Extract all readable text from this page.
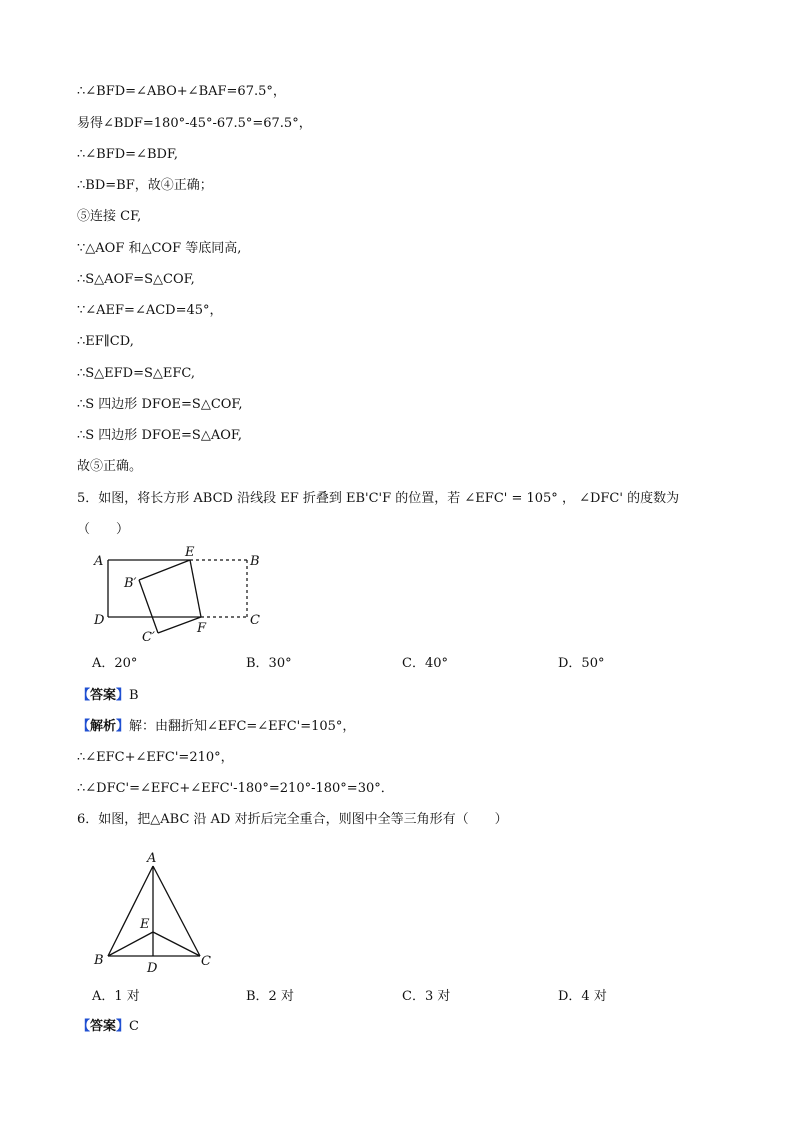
∴∠BFD=∠ABO+∠BAF=67.5°，

易得∠BDF=180°-45°-67.5°=67.5°，

∴∠BFD=∠BDF,

∴BD=BF，故④正确；

⑤连接 CF,

∵△AOF 和△COF 等底同高,

∴S△AOF=S△COF,

∵∠AEF=∠ACD=45°，

∴EF∥CD,

∴S△EFD=S△EFC,

∴S 四边形 DFOE=S△COF,

∴S 四边形 DFOE=S△AOF,

故⑤正确。

5．如图，将长方形 ABCD 沿线段 EF 折叠到 EB'C'F 的位置，若 ∠EFC' = 105° ， ∠DFC' 的度数为

（　　）

A
E
B
B′
D
C′
F
C
A．20°	B．30°	C．40°	D．50°

【答案】B

【解析】解：由翻折知∠EFC=∠EFC'=105°，

∴∠EFC+∠EFC'=210°，

∴∠DFC'=∠EFC+∠EFC'-180°=210°-180°=30°．

6．如图，把△ABC 沿 AD 对折后完全重合，则图中全等三角形有（　　）

A
E
B
D	C
A．1 对	B．2 对	C．3 对	D．4 对

【答案】C
